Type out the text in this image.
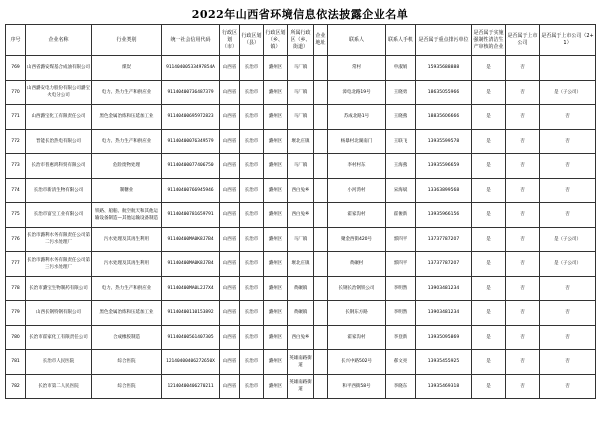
2022年山西省环境信息依法披露企业名单
序号	企业名称	行业类别	统一社会信用代码	行政区划（市）	行政区划（县）	行政区划（乡、镇）	所属行政区（乡、街道）	企业地址	联系人	联系人手机	是否属于重点排污单位	是否属于实施强制性清洁生产审核的企业	是否属于上市公司	是否属于上市公司（2+1）
769	山西省潞安煤基合成油有限公司	煤炭	91140400533497854A	山西省	长治市	潞州区	马厂镇		常村	申淑娟	15935688888	是	否	
770	山西潞安电力股份有限公司潞宝火电分公司	电力、热力生产和供应业	91140400736487379	山西省	长治市	潞州区	马厂镇		漳电北路19号	王晓勇	18635055966	是	否	是（子公司）
771	山西潞宝化工有限责任公司	黑色金属冶炼和压延加工业	91140400695972823	山西省	长治市	潞州区	马厂镇		苏成北路1号	王晓燕	18835606666	是	否	否
772	晋能长治热电有限公司	电力、热力生产和供应业	91140400076349579	山西省	长治市	潞州区	堠北庄镇		杨暴村北湖南门	王联飞	13935599578	是	否	否
773	长治市普惠鸿科贸有限公司	危险废物处理	91140400077406750	山西省	长治市	潞州区	马厂镇		李村村东	王海燕	13935596659	是	否	否
774	长治市新清生物有限公司	制糖业	91140400766945946	山西省	长治市	潞州区	西白兔乡		小河湾村	宋海斌	13363899568	是	否	否
775	长治市富宝工业有限公司	铁路、船舶、航空航天和其他运输设备制造—其他运输设备制造	91140400781659791	山西省	长治市	潞州区	西白兔乡		霍家沟村	霍俊新	13935966156	是	否	否
776	长治市潞利水务有限责任公司第二污水处理厂	污水处理及其再生利用	91140400MA0K8J7B4	山西省	长治市	潞州区	马厂镇		聚金西街420号	郭四平	13737787207	是	否	是（子公司）
777	长治市潞利水务有限责任公司第三污水处理厂	污水处理及其再生利用	91140400MA0K8J7B4	山西省	长治市	潞州区	堠北庄镇		黄碾村	郭四平	13737787207	是	否	是（子公司）
778	长治市潞宝生物制药有限公司	电力、热力生产和供应业	91140400MA0L2J7X4	山西省	长治市	潞州区	黄碾镇		长钢长治钢铁公司	李明然	13903481234	是	否	否
779	山西长钢特钢有限公司	黑色金属冶炼和压延加工业	91140400110153892	山西省	长治市	潞州区	黄碾镇		长钢东方路	李明然	13903481234	是	否	否
780	长治市霍家化工有限责任公司	合成橡胶制造	91140400561407305	山西省	长治市	潞州区	西白兔乡		霍家沟村	李登新	13935095869	是	否	否
781	长治市人民医院	综合医院	12140400406272650X	山西省	长治市	潞州区	英雄南路街道		长兴中路502号	郝文亮	13935455925	是	否	否
782	长治市第二人民医院	综合医院	12140400406270211	山西省	长治市	潞州区	英雄南路街道		和平西街58号	李晓东	13935469318	是	否	否
